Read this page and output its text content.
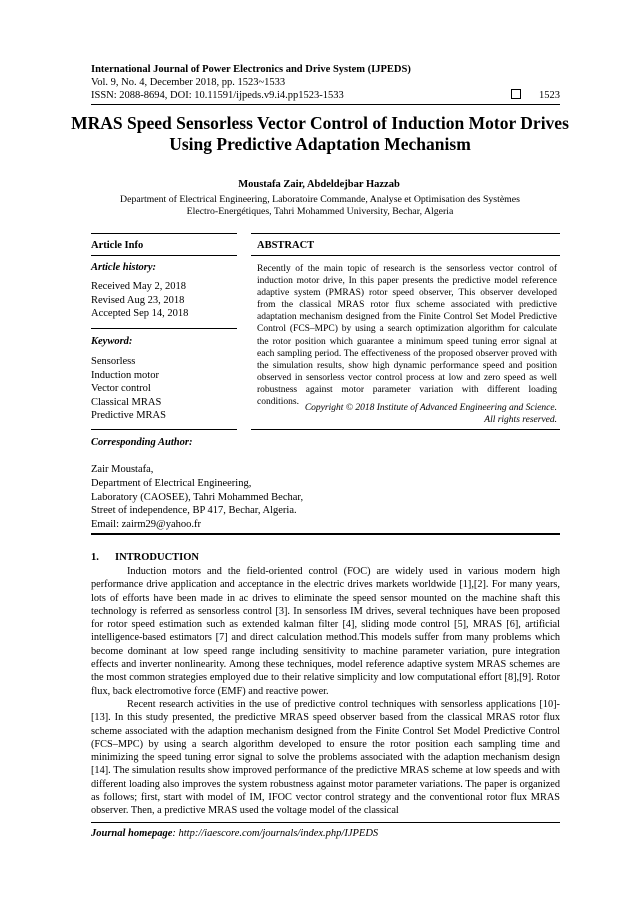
International Journal of Power Electronics and Drive System (IJPEDS)
Vol. 9, No. 4, December 2018, pp. 1523~1533
ISSN: 2088-8694, DOI: 10.11591/ijpeds.v9.i4.pp1523-1533	1523
MRAS Speed Sensorless Vector Control of Induction Motor Drives Using Predictive Adaptation Mechanism
Moustafa Zair, Abdeldejbar Hazzab
Department of Electrical Engineering, Laboratoire Commande, Analyse et Optimisation des Systèmes
Electro-Energétiques, Tahri Mohammed University, Bechar, Algeria
Article Info	ABSTRACT
Article history:
Received May 2, 2018
Revised Aug 23, 2018
Accepted Sep 14, 2018
Keyword:
Sensorless
Induction motor
Vector control
Classical MRAS
Predictive MRAS
Recently of the main topic of research is the sensorless vector control of induction motor drive, In this paper presents the predictive model reference adaptive system (PMRAS) rotor speed observer, This observer developed from the classical MRAS rotor flux scheme associated with predictive adaptation mechanism designed from the Finite Control Set Model Predictive Control (FCS–MPC) by using a search optimization algorithm for calculate the rotor position which guarantee a minimum speed tuning error signal at each sampling period. The effectiveness of the proposed observer proved with the simulation results, show high dynamic performance speed and position observed in sensorless vector control process at low and zero speed as well robustness against motor parameter variation with different loading conditions.
Copyright © 2018 Institute of Advanced Engineering and Science.
All rights reserved.
Corresponding Author:
Zair Moustafa,
Department of Electrical Engineering,
Laboratory (CAOSEE), Tahri Mohammed Bechar,
Street of independence, BP 417, Bechar, Algeria.
Email: zairm29@yahoo.fr
1. INTRODUCTION

Induction motors and the field-oriented control (FOC) are widely used in various modern high performance drive application and acceptance in the electric drives markets worldwide [1],[2]. For many years, lots of efforts have been made in ac drives to eliminate the speed sensor mounted on the machine shaft this technology is referred as sensorless control [3]. In sensorless IM drives, several techniques have been proposed for rotor speed estimation such as extended kalman filter [4], sliding mode control [5], MRAS [6], artificial intelligence-based estimators [7] and direct calculation method.This models suffer from many problems which become dominant at low speed range including sensitivity to machine parameter variation, pure integration effects and inverter nonlinearity. Among these techniques, model reference adaptive system MRAS schemes are the most common strategies employed due to their relative simplicity and low computational effort [8],[9]. Rotor flux, back electromotive force (EMF) and reactive power.

Recent research activities in the use of predictive control techniques with sensorless applications [10]-[13]. In this study presented, the predictive MRAS speed observer based from the classical MRAS rotor flux scheme associated with the adaption mechanism designed from the Finite Control Set Model Predictive Control (FCS–MPC) by using a search algorithm developed to ensure the rotor position each sampling time and minimizing the speed tuning error signal to solve the problems associated with the adaption mechanism design [14]. The simulation results show improved performance of the predictive MRAS scheme at low speeds and with different loading also improves the system robustness against motor parameter variations. The paper is organized as follows; first, start with model of IM, IFOC vector control strategy and the conventional rotor flux MRAS observer. Then, a predictive MRAS used the voltage model of the classical

Journal homepage: http://iaescore.com/journals/index.php/IJPEDS
